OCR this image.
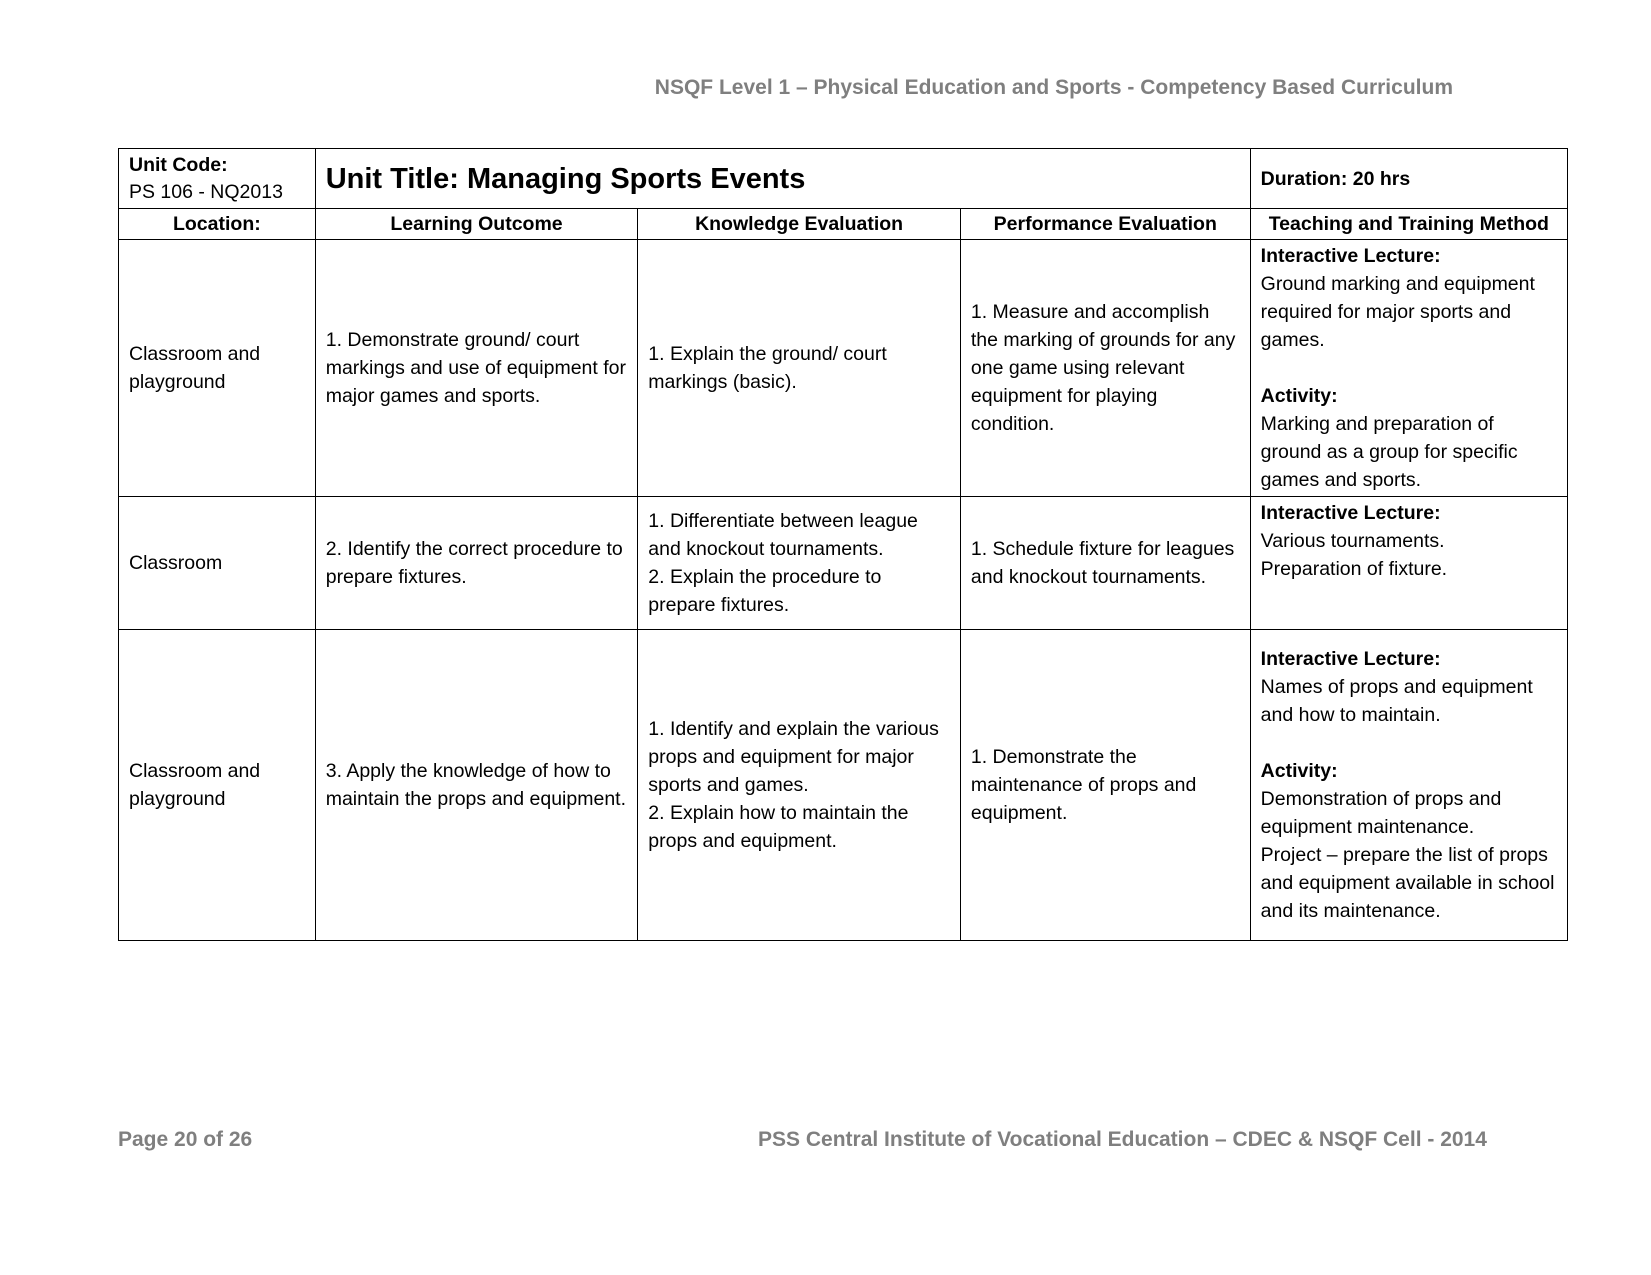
NSQF Level 1 – Physical Education and Sports - Competency Based Curriculum
Unit Code:
PS 106 - NQ2013	Unit Title: Managing Sports Events			Duration: 20 hrs
Location:	Learning Outcome	Knowledge Evaluation	Performance Evaluation	Teaching and Training Method
Classroom and playground	1. Demonstrate ground/ court markings and use of equipment for major games and sports.	1. Explain the ground/ court markings (basic).	1. Measure and accomplish the marking of grounds for any one game using relevant equipment for playing condition.	Interactive Lecture:
Ground marking and equipment required for major sports and games.
Activity:
Marking and preparation of ground as a group for specific games and sports.

Classroom	2. Identify the correct procedure to prepare fixtures.	1. Differentiate between league and knockout tournaments.
2. Explain the procedure to prepare fixtures.	1. Schedule fixture for leagues and knockout tournaments.	Interactive Lecture:
Various tournaments.
Preparation of fixture.

Classroom and playground	3. Apply the knowledge of how to maintain the props and equipment.	1. Identify and explain the various props and equipment for major sports and games.
2. Explain how to maintain the props and equipment.	1. Demonstrate the maintenance of props and equipment.	Interactive Lecture:
Names of props and equipment and how to maintain.
Activity:
Demonstration of props and equipment maintenance.
Project – prepare the list of props and equipment available in school and its maintenance.
Page 20 of 26	PSS Central Institute of Vocational Education – CDEC & NSQF Cell - 2014
